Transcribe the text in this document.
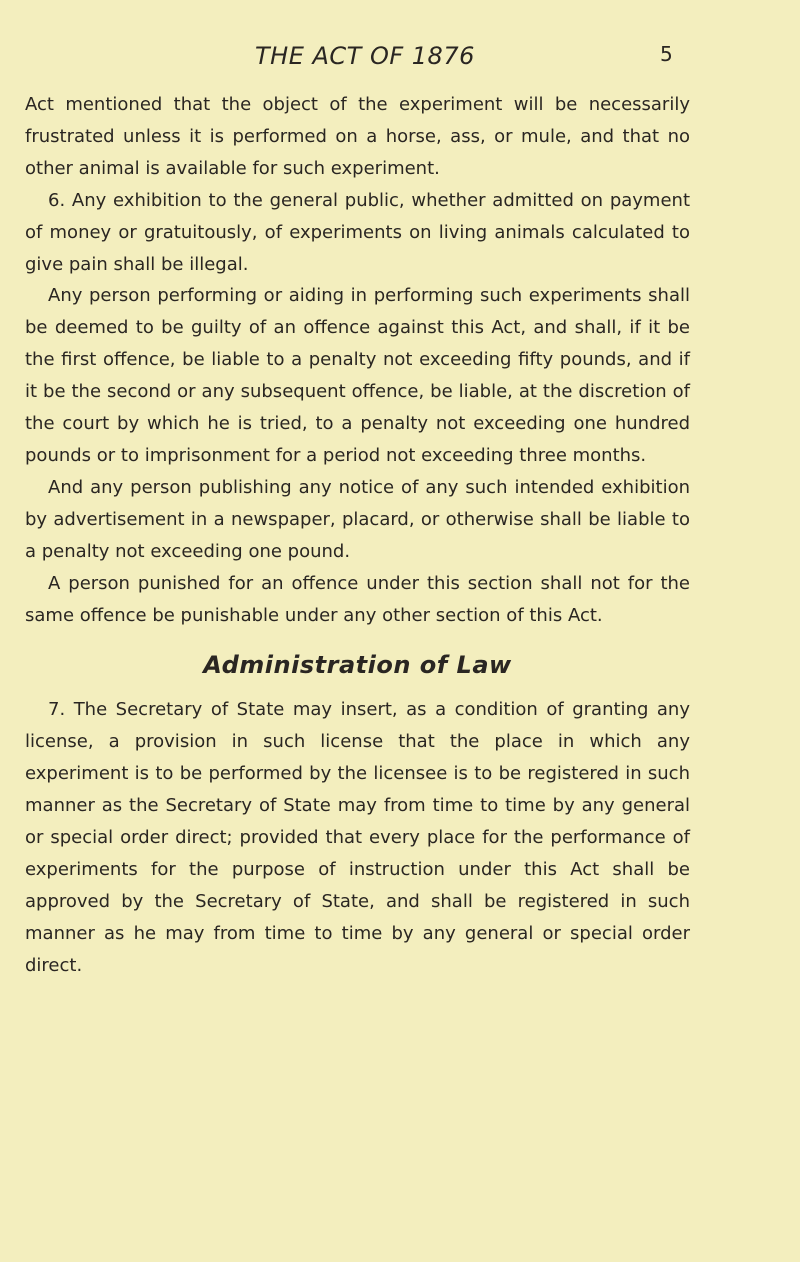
THE ACT OF 1876	5

Act mentioned that the object of the experiment will be necessarily frustrated unless it is performed on a horse, ass, or mule, and that no other animal is available for such experiment.

6. Any exhibition to the general public, whether admitted on payment of money or gratuitously, of experiments on living animals calculated to give pain shall be illegal.

Any person performing or aiding in performing such experiments shall be deemed to be guilty of an offence against this Act, and shall, if it be the first offence, be liable to a penalty not exceeding fifty pounds, and if it be the second or any subsequent offence, be liable, at the discretion of the court by which he is tried, to a penalty not exceeding one hundred pounds or to imprisonment for a period not exceeding three months.

And any person publishing any notice of any such intended exhibition by advertisement in a newspaper, placard, or otherwise shall be liable to a penalty not exceeding one pound.

A person punished for an offence under this section shall not for the same offence be punishable under any other section of this Act.

Administration of Law

7. The Secretary of State may insert, as a condition of granting any license, a provision in such license that the place in which any experiment is to be performed by the licensee is to be registered in such manner as the Secretary of State may from time to time by any general or special order direct; provided that every place for the performance of experiments for the purpose of instruction under this Act shall be approved by the Secretary of State, and shall be registered in such manner as he may from time to time by any general or special order direct.
